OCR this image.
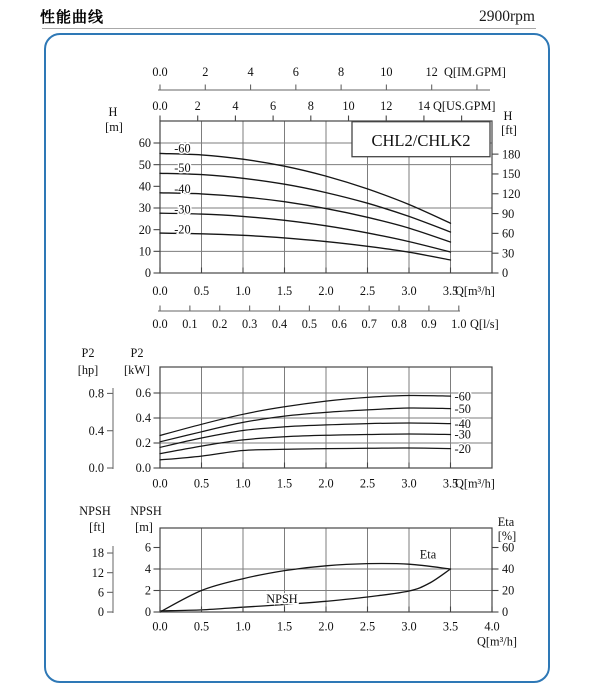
性能曲线	2900rpm
-60
-50
-40
-30
-20
CHL2/CHLK2
0
10
20
30
40
50
60
H
[m]
0
30
60
90
120
150
180
H
[ft]
0.0 2	4	6	8 10 12 14 Q[US.GPM]
0.0	2	4	6	8	10	12 Q[IM.GPM]
0.0 0.5 1.0 1.5 2.0 2.5 3.0 3.5
Q[m³/h]
0.0 0.1 0.2 0.3 0.4 0.5 0.6 0.7 0.8 0.9 1.0 Q[l/s]
-60
-50
-40
-30
-20
0.0
0.2
0.4
0.6
P2
[kW]
0.0
0.4
0.8
P2
[hp]
0.0 0.5 1.0 1.5 2.0 2.5 3.0 3.5
Q[m³/h]
NPSH
Eta
0
2
4
6
NPSH
[m]
0
6
12
18
NPSH
[ft]
0
20
40
60
Eta
[%]
0.0 0.5 1.0 1.5 2.0 2.5 3.0 3.5 4.0
Q[m³/h]
